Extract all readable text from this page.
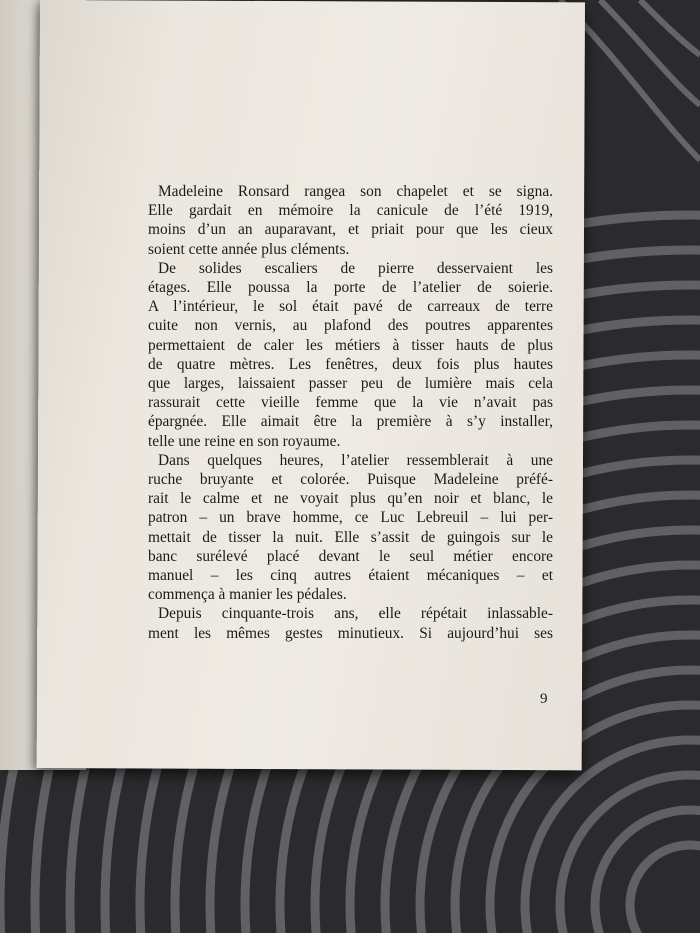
Madeleine Ronsard rangea son chapelet et se signa.
Elle gardait en mémoire la canicule de l’été 1919,
moins d’un an auparavant, et priait pour que les cieux
soient cette année plus cléments.
De solides escaliers de pierre desservaient les
étages. Elle poussa la porte de l’atelier de soierie.
A l’intérieur, le sol était pavé de carreaux de terre
cuite non vernis, au plafond des poutres apparentes
permettaient de caler les métiers à tisser hauts de plus
de quatre mètres. Les fenêtres, deux fois plus hautes
que larges, laissaient passer peu de lumière mais cela
rassurait cette vieille femme que la vie n’avait pas
épargnée. Elle aimait être la première à s’y installer,
telle une reine en son royaume.
Dans quelques heures, l’atelier ressemblerait à une
ruche bruyante et colorée. Puisque Madeleine préfé-
rait le calme et ne voyait plus qu’en noir et blanc, le
patron – un brave homme, ce Luc Lebreuil – lui per-
mettait de tisser la nuit. Elle s’assit de guingois sur le
banc surélevé placé devant le seul métier encore
manuel – les cinq autres étaient mécaniques – et
commença à manier les pédales.
Depuis cinquante-trois ans, elle répétait inlassable-
ment les mêmes gestes minutieux. Si aujourd’hui ses
9
